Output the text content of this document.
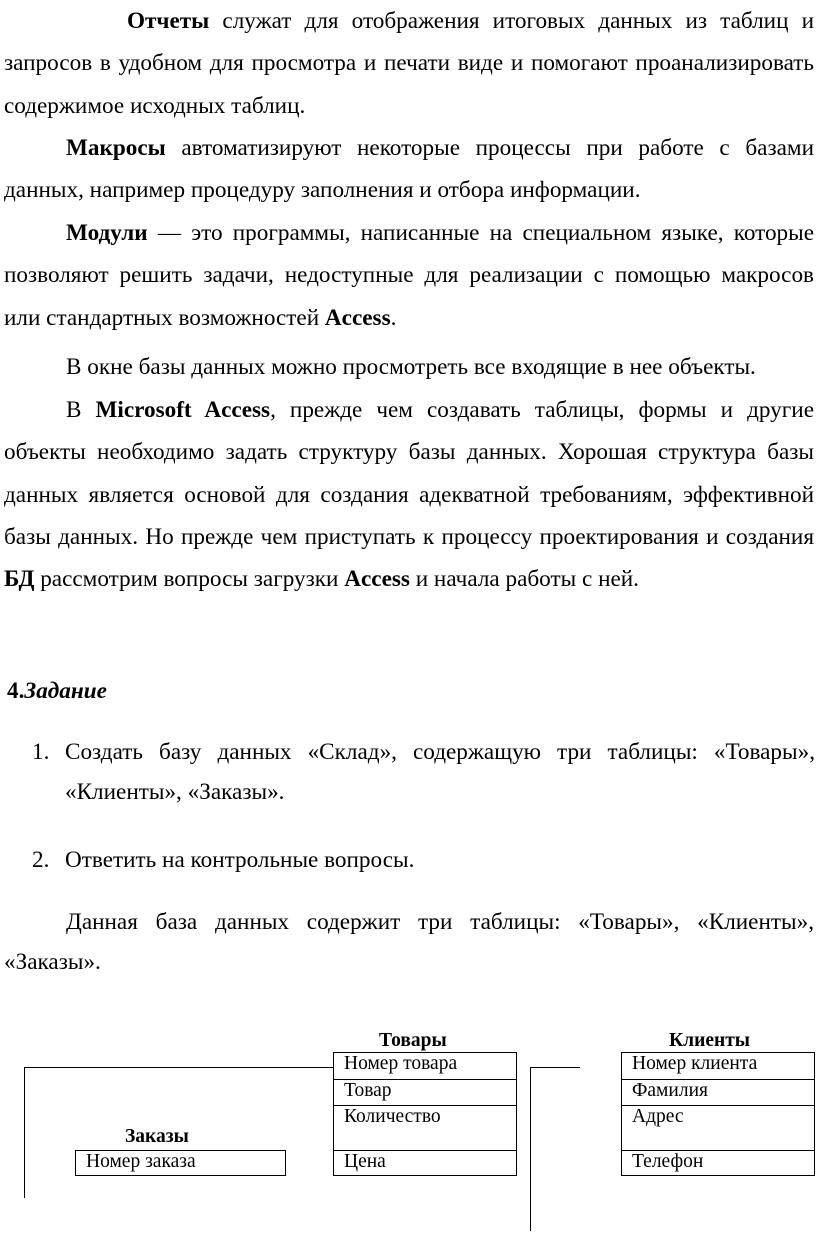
Отчеты служат для отображения итоговых данных из таблиц и запросов в удобном для просмотра и печати виде и помогают проанализировать содержимое исходных таблиц.

Макросы автоматизируют некоторые процессы при работе с базами данных, например процедуру заполнения и отбора информации.

Модули — это программы, написанные на специальном языке, которые позволяют решить задачи, недоступные для реализации с помощью макросов или стандартных возможностей Access.

В окне базы данных можно просмотреть все входящие в нее объекты.

В Microsoft Access, прежде чем создавать таблицы, формы и другие объекты необходимо задать структуру базы данных. Хорошая структура базы данных является основой для создания адекватной требованиям, эффективной базы данных. Но прежде чем приступать к процессу проектирования и создания БД рассмотрим вопросы загрузки Access и начала работы с ней.

4.Задание

1. Создать базу данных «Склад», содержащую три таблицы: «Товары», «Клиенты», «Заказы».
2. Ответить на контрольные вопросы.

Данная база данных содержит три таблицы: «Товары», «Клиенты», «Заказы».

Товары
Номер товара
Товар
Количество
Цена
Клиенты
Номер клиента
Фамилия
Адрес
Телефон
Заказы
Номер заказа
